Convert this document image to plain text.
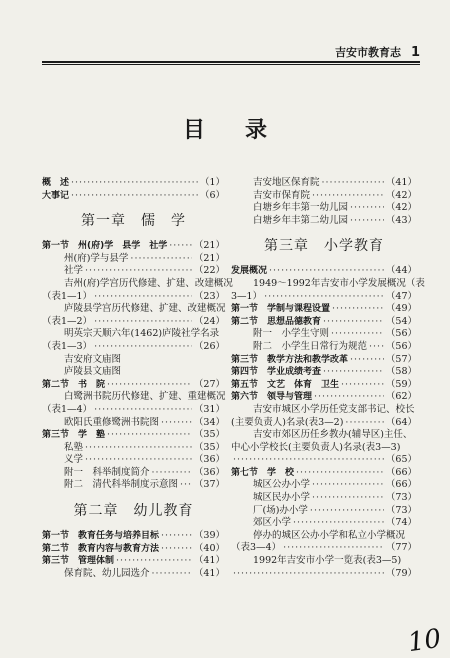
吉安市教育志 1
目录
概　述 ·····	（1）
大事记 ·····	（6）
第一章　儒　学
第一节　州(府)学　县学　社学 ·····	（21）
州(府)学与县学 ·····	（21）
社学 ·····	（22）
吉州(府)学宫历代修建、扩建、改建概况
（表1—1） ·····	（23）
庐陵县学宫历代修建、扩建、改建概况
（表1—2） ·····	（24）
明英宗天顺六年(1462)庐陵社学名录
（表1—3） ·····	（26）
吉安府文庙图
庐陵县文庙图
第二节　书　院 ·····	（27）
白鹭洲书院历代修建、扩建、重建概况
（表1—4） ·····	（31）
欧阳氏重修鹭洲书院图 ·····	（34）
第三节　学　塾 ·····	（35）
私塾 ·····	（35）
义学 ·····	（36）
附一　科举制度简介 ·····	（36）
附二　清代科举制度示意图 ····· （37）
第二章　幼儿教育
第一节　教育任务与培养目标 ·····	（39）
第二节　教育内容与教育方法 ·····	（40）
第三节　管理体制 ·····	（41）
保育院、幼儿园选介 ·····	（41）
吉安地区保育院 ·····	（41）
吉安市保育院 ·····	（42）
白塘乡年丰第一幼儿园 ·····	（42）
白塘乡年丰第二幼儿园 ·····	（43）
第三章　小学教育
发展概况 ·····	（44）
1949～1992年吉安市小学发展概况（表
3—1） ·····	（47）
第一节　学制与课程设置 ·····	（49）
第二节　思想品德教育 ·····	（54）
附一　小学生守则 ·····	（56）
附二　小学生日常行为规范 ····· （56）
第三节　教学方法和教学改革 ·····	（57）
第四节　学业成绩考查 ·····	（58）
第五节　文艺　体育　卫生 ·····	（59）
第六节　领导与管理 ·····	（62）
吉安市城区小学历任党支部书记、校长
(主要负责人)名录(表3—2) ·····	（64）
吉安市郊区历任乡教办(辅导区)主任、
中心小学校长(主要负责人)名录(表3—3)
·····
（65）
第七节　学　校 ·····	（66）
城区公办小学 ·····	（66）
城区民办小学 ·····	（73）
厂(场)办小学 ·····	（73）
郊区小学 ·····	（74）
停办的城区公办小学和私立小学概况
（表3—4） ·····	（77）
1992年吉安市小学一览表(表3—5)
·····
（79）
10
